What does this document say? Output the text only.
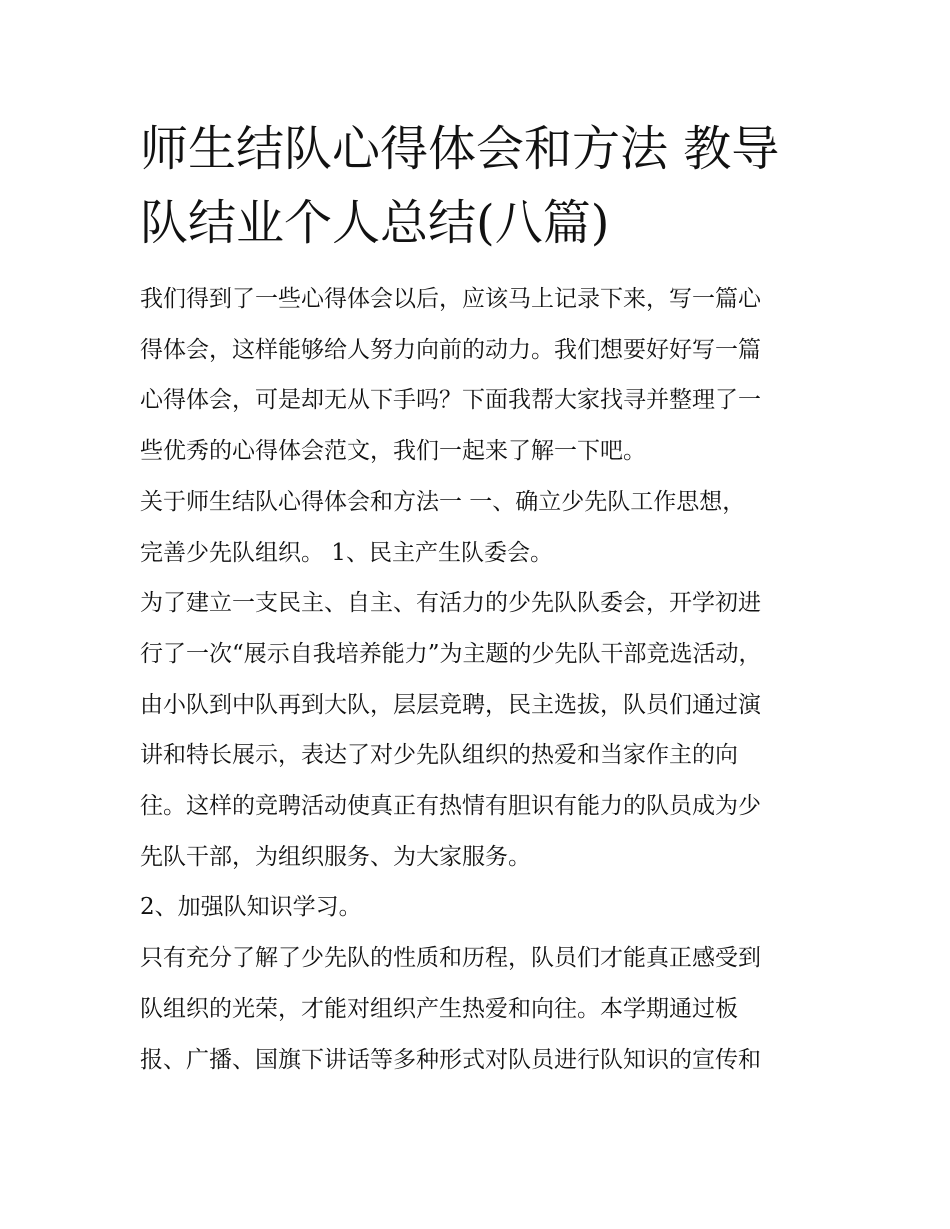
师生结队心得体会和方法 教导
队结业个人总结(八篇)

我们得到了一些心得体会以后，应该马上记录下来，写一篇心
得体会，这样能够给人努力向前的动力。我们想要好好写一篇
心得体会，可是却无从下手吗？下面我帮大家找寻并整理了一
些优秀的心得体会范文，我们一起来了解一下吧。

关于师生结队心得体会和方法一 一、确立少先队工作思想，
完善少先队组织。 1、民主产生队委会。

为了建立一支民主、自主、有活力的少先队队委会，开学初进
行了一次“展示自我培养能力”为主题的少先队干部竞选活动，
由小队到中队再到大队，层层竞聘，民主选拔，队员们通过演
讲和特长展示，表达了对少先队组织的热爱和当家作主的向
往。这样的竞聘活动使真正有热情有胆识有能力的队员成为少
先队干部，为组织服务、为大家服务。

2、加强队知识学习。

只有充分了解了少先队的性质和历程，队员们才能真正感受到
队组织的光荣，才能对组织产生热爱和向往。本学期通过板
报、广播、国旗下讲话等多种形式对队员进行队知识的宣传和
